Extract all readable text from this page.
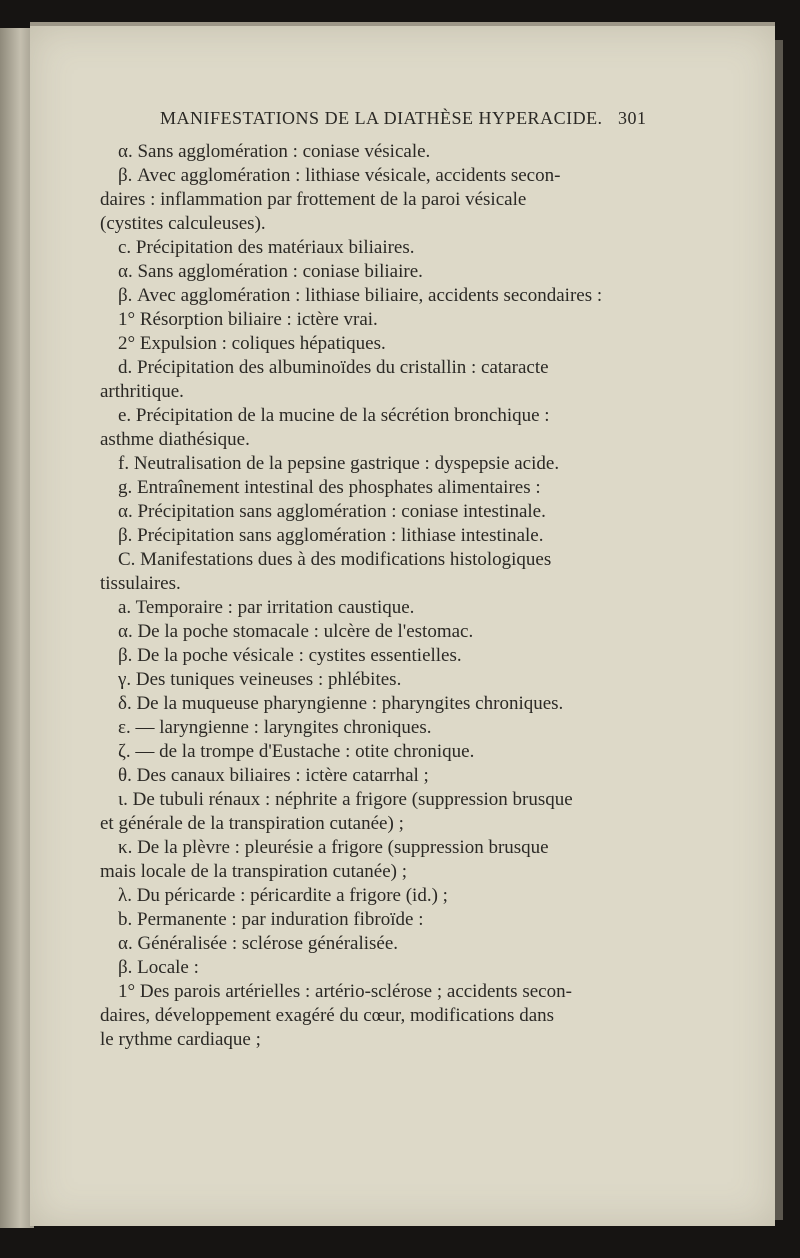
MANIFESTATIONS DE LA DIATHÈSE HYPERACIDE. 301
α. Sans agglomération : coniase vésicale.
β. Avec agglomération : lithiase vésicale, accidents secon-
daires : inflammation par frottement de la paroi vésicale
(cystites calculeuses).
c. Précipitation des matériaux biliaires.
α. Sans agglomération : coniase biliaire.
β. Avec agglomération : lithiase biliaire, accidents secondaires :
1° Résorption biliaire : ictère vrai.
2° Expulsion : coliques hépatiques.
d. Précipitation des albuminoïdes du cristallin : cataracte
arthritique.
e. Précipitation de la mucine de la sécrétion bronchique :
asthme diathésique.
f. Neutralisation de la pepsine gastrique : dyspepsie acide.
g. Entraînement intestinal des phosphates alimentaires :
α. Précipitation sans agglomération : coniase intestinale.
β. Précipitation sans agglomération : lithiase intestinale.
C. Manifestations dues à des modifications histologiques
tissulaires.
a. Temporaire : par irritation caustique.
α. De la poche stomacale : ulcère de l'estomac.
β. De la poche vésicale : cystites essentielles.
γ. Des tuniques veineuses : phlébites.
δ. De la muqueuse pharyngienne : pharyngites chroniques.
ε. — laryngienne : laryngites chroniques.
ζ. — de la trompe d'Eustache : otite chronique.
θ. Des canaux biliaires : ictère catarrhal ;
ι. De tubuli rénaux : néphrite a frigore (suppression brusque
et générale de la transpiration cutanée) ;
κ. De la plèvre : pleurésie a frigore (suppression brusque
mais locale de la transpiration cutanée) ;
λ. Du péricarde : péricardite a frigore (id.) ;
b. Permanente : par induration fibroïde :
α. Généralisée : sclérose généralisée.
β. Locale :
1° Des parois artérielles : artério-sclérose ; accidents secon-
daires, développement exagéré du cœur, modifications dans
le rythme cardiaque ;
